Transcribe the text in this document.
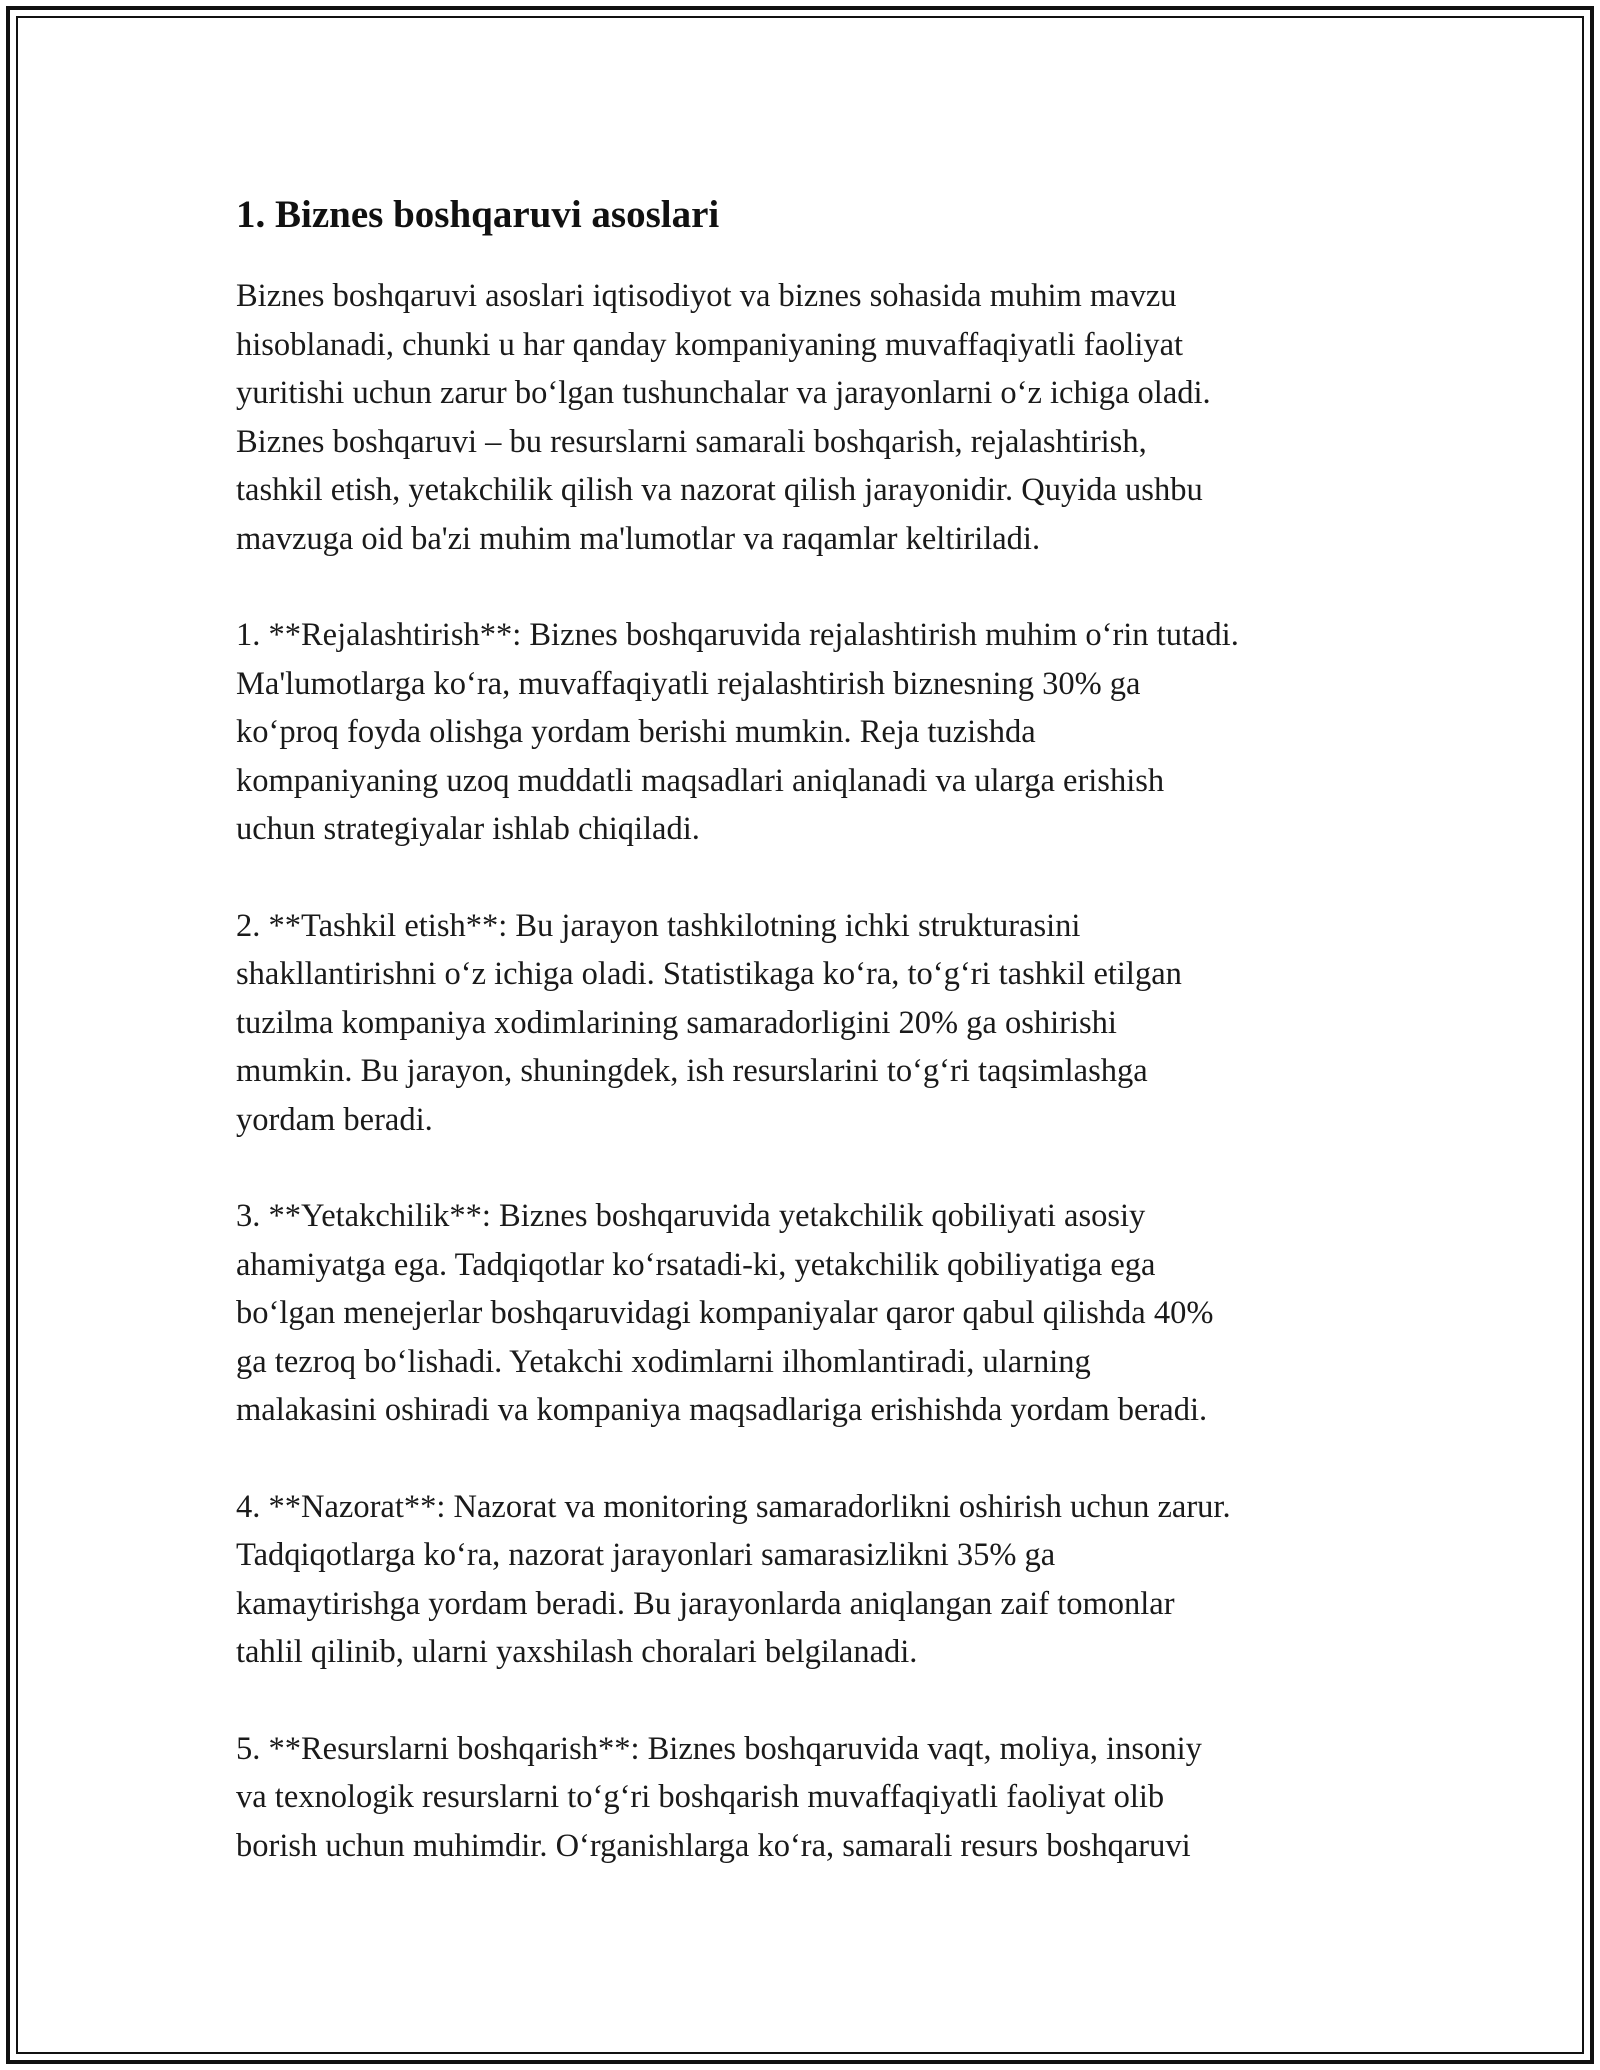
1. Biznes boshqaruvi asoslari

Biznes boshqaruvi asoslari iqtisodiyot va biznes sohasida muhim mavzu
hisoblanadi, chunki u har qanday kompaniyaning muvaffaqiyatli faoliyat
yuritishi uchun zarur bo‘lgan tushunchalar va jarayonlarni o‘z ichiga oladi.
Biznes boshqaruvi – bu resurslarni samarali boshqarish, rejalashtirish,
tashkil etish, yetakchilik qilish va nazorat qilish jarayonidir. Quyida ushbu
mavzuga oid ba'zi muhim ma'lumotlar va raqamlar keltiriladi.

1. **Rejalashtirish**: Biznes boshqaruvida rejalashtirish muhim o‘rin tutadi.
Ma'lumotlarga ko‘ra, muvaffaqiyatli rejalashtirish biznesning 30% ga
ko‘proq foyda olishga yordam berishi mumkin. Reja tuzishda
kompaniyaning uzoq muddatli maqsadlari aniqlanadi va ularga erishish
uchun strategiyalar ishlab chiqiladi.

2. **Tashkil etish**: Bu jarayon tashkilotning ichki strukturasini
shakllantirishni o‘z ichiga oladi. Statistikaga ko‘ra, to‘g‘ri tashkil etilgan
tuzilma kompaniya xodimlarining samaradorligini 20% ga oshirishi
mumkin. Bu jarayon, shuningdek, ish resurslarini to‘g‘ri taqsimlashga
yordam beradi.

3. **Yetakchilik**: Biznes boshqaruvida yetakchilik qobiliyati asosiy
ahamiyatga ega. Tadqiqotlar ko‘rsatadi-ki, yetakchilik qobiliyatiga ega
bo‘lgan menejerlar boshqaruvidagi kompaniyalar qaror qabul qilishda 40%
ga tezroq bo‘lishadi. Yetakchi xodimlarni ilhomlantiradi, ularning
malakasini oshiradi va kompaniya maqsadlariga erishishda yordam beradi.

4. **Nazorat**: Nazorat va monitoring samaradorlikni oshirish uchun zarur.
Tadqiqotlarga ko‘ra, nazorat jarayonlari samarasizlikni 35% ga
kamaytirishga yordam beradi. Bu jarayonlarda aniqlangan zaif tomonlar
tahlil qilinib, ularni yaxshilash choralari belgilanadi.

5. **Resurslarni boshqarish**: Biznes boshqaruvida vaqt, moliya, insoniy
va texnologik resurslarni to‘g‘ri boshqarish muvaffaqiyatli faoliyat olib
borish uchun muhimdir. O‘rganishlarga ko‘ra, samarali resurs boshqaruvi
